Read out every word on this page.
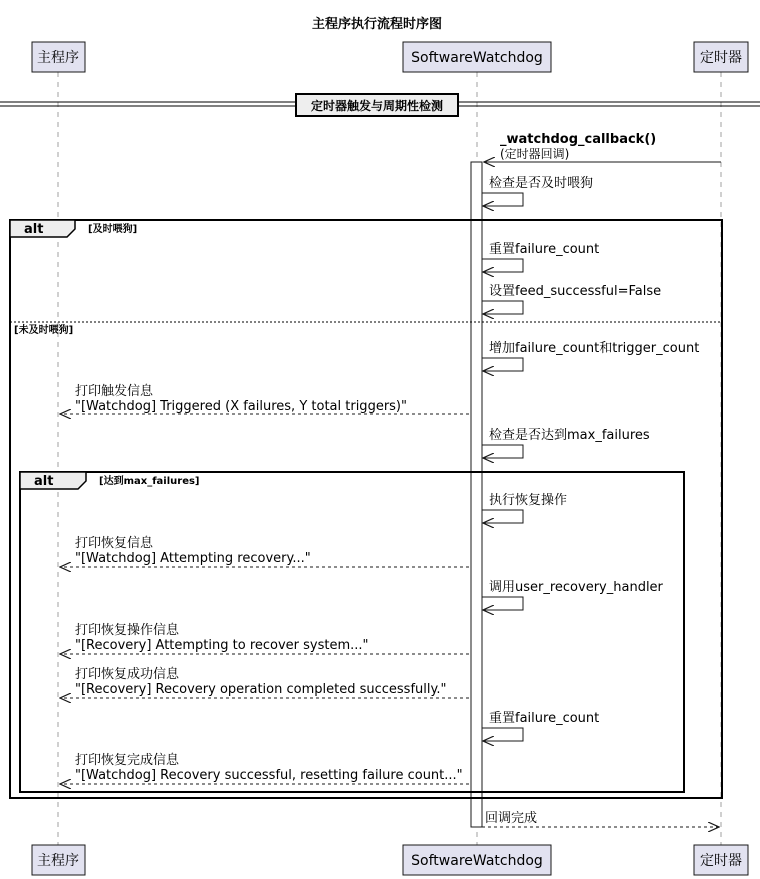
主程序执行流程时序图
主程序	SoftwareWatchdog	定时器
主程序	SoftwareWatchdog	定时器
定时器触发与周期性检测
_watchdog_callback()
(定时器回调)
检查是否及时喂狗
alt	[及时喂狗]
[未及时喂狗]
重置failure_count
设置feed_successful=False
增加failure_count和trigger_count
打印触发信息
"[Watchdog] Triggered (X failures, Y total triggers)"
检查是否达到max_failures
alt	[达到max_failures]
执行恢复操作
打印恢复信息
"[Watchdog] Attempting recovery..."
调用user_recovery_handler
打印恢复操作信息
"[Recovery] Attempting to recover system..."
打印恢复成功信息
"[Recovery] Recovery operation completed successfully."
重置failure_count
打印恢复完成信息
"[Watchdog] Recovery successful, resetting failure count..."
回调完成
